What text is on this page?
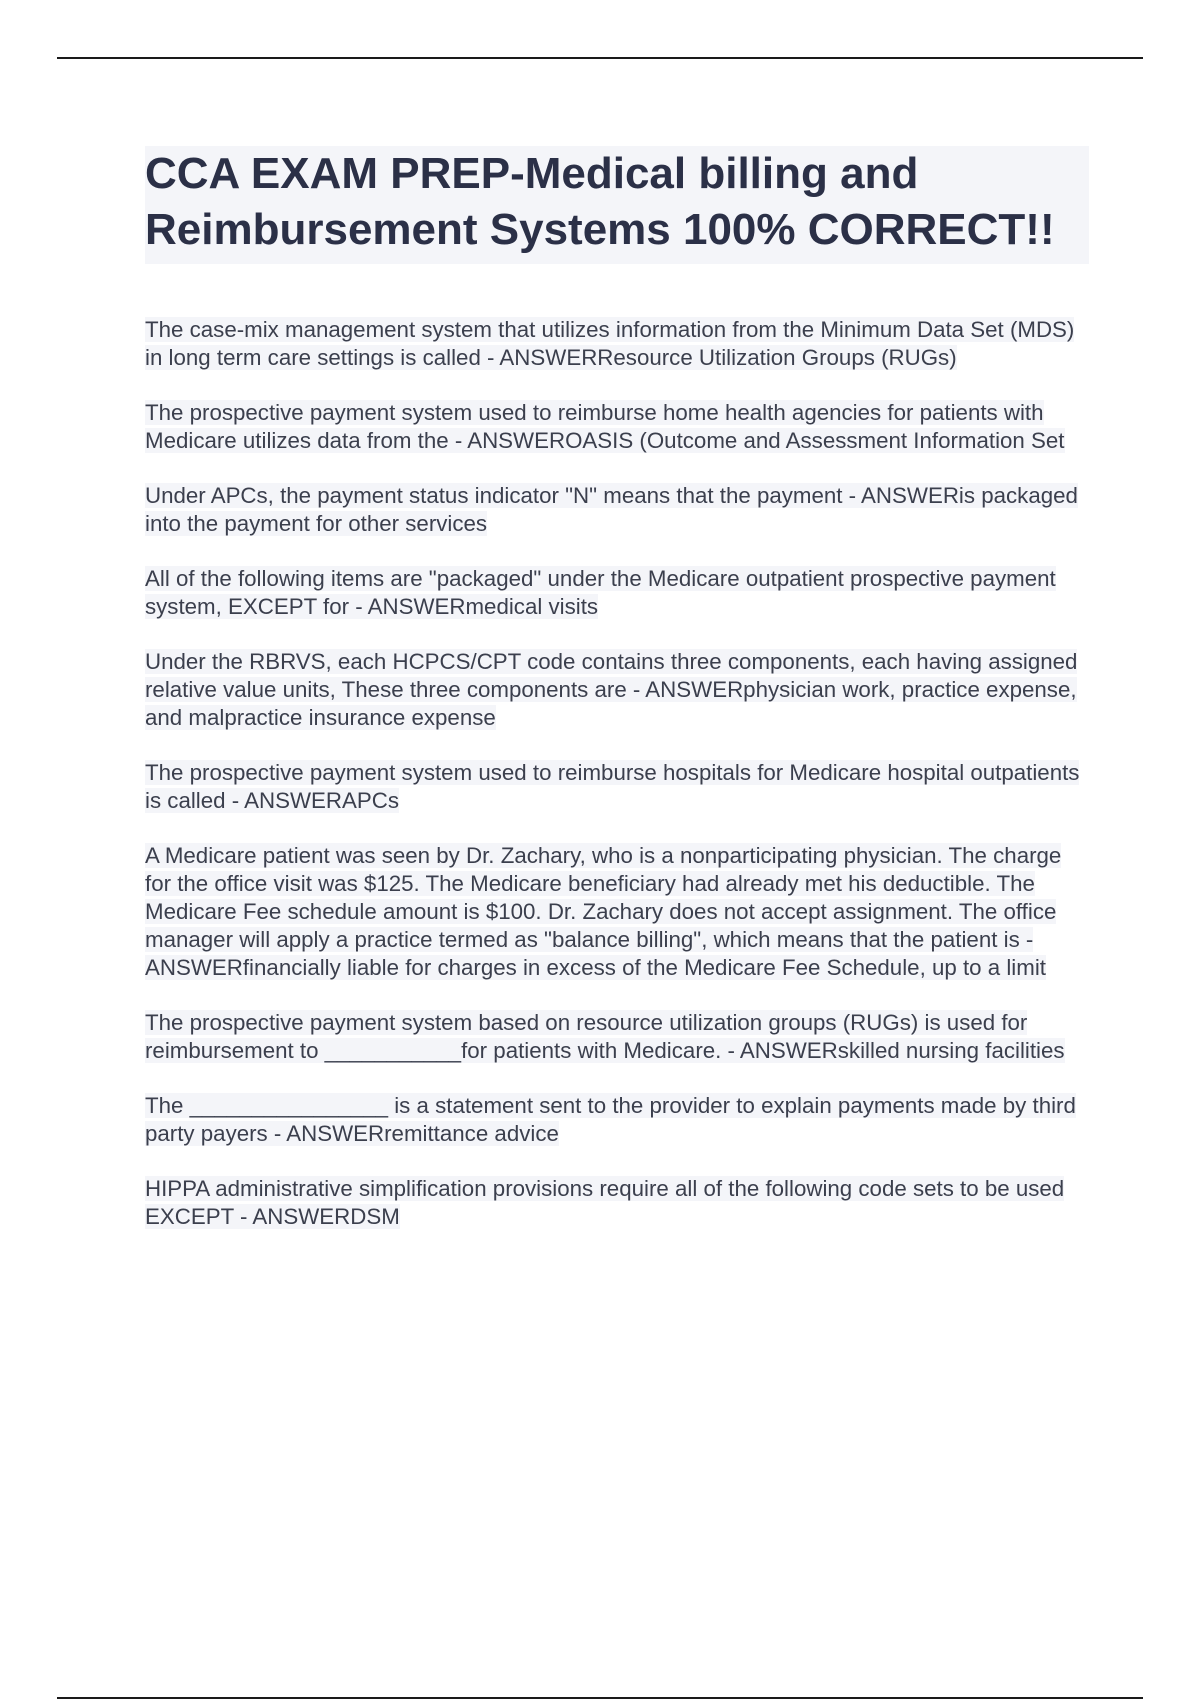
CCA EXAM PREP-Medical billing and Reimbursement Systems 100% CORRECT!!
The case-mix management system that utilizes information from the Minimum Data Set (MDS) in long term care settings is called - ANSWERResource Utilization Groups (RUGs)
The prospective payment system used to reimburse home health agencies for patients with Medicare utilizes data from the - ANSWEROASIS (Outcome and Assessment Information Set
Under APCs, the payment status indicator "N" means that the payment - ANSWERis packaged into the payment for other services
All of the following items are "packaged" under the Medicare outpatient prospective payment system, EXCEPT for - ANSWERmedical visits
Under the RBRVS, each HCPCS/CPT code contains three components, each having assigned relative value units, These three components are - ANSWERphysician work, practice expense, and malpractice insurance expense
The prospective payment system used to reimburse hospitals for Medicare hospital outpatients is called - ANSWERAPCs
A Medicare patient was seen by Dr. Zachary, who is a nonparticipating physician. The charge for the office visit was $125. The Medicare beneficiary had already met his deductible. The Medicare Fee schedule amount is $100. Dr. Zachary does not accept assignment. The office manager will apply a practice termed as "balance billing", which means that the patient is - ANSWERfinancially liable for charges in excess of the Medicare Fee Schedule, up to a limit
The prospective payment system based on resource utilization groups (RUGs) is used for reimbursement to ___________for patients with Medicare. - ANSWERskilled nursing facilities
The ________________ is a statement sent to the provider to explain payments made by third party payers - ANSWERremittance advice
HIPPA administrative simplification provisions require all of the following code sets to be used EXCEPT - ANSWERDSM
